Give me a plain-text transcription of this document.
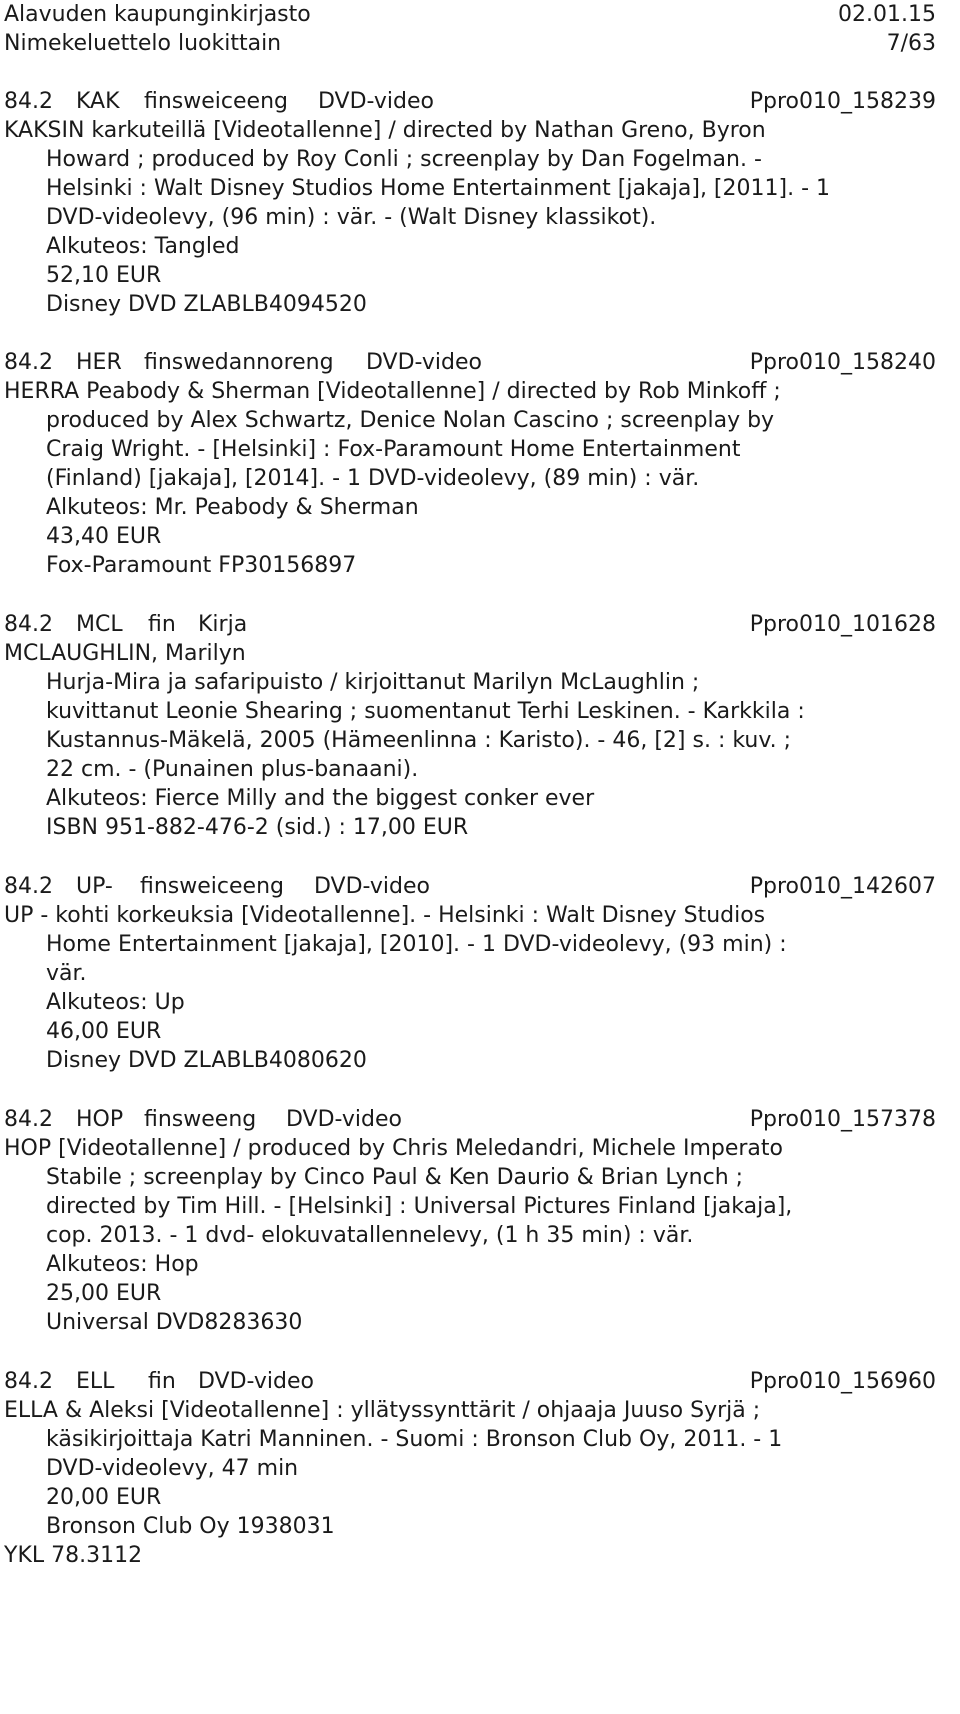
Alavuden kaupunginkirjasto	02.01.15
Nimekeluettelo luokittain	7/63
84.2 KAK finsweiceeng DVD-video	Ppro010_158239
KAKSIN karkuteillä [Videotallenne] / directed by Nathan Greno, Byron
Howard ; produced by Roy Conli ; screenplay by Dan Fogelman. -
Helsinki : Walt Disney Studios Home Entertainment [jakaja], [2011]. - 1
DVD-videolevy, (96 min) : vär. - (Walt Disney klassikot).
Alkuteos: Tangled
52,10 EUR
Disney DVD ZLABLB4094520
84.2 HER finswedannoreng DVD-video	Ppro010_158240
HERRA Peabody & Sherman [Videotallenne] / directed by Rob Minkoff ;
produced by Alex Schwartz, Denice Nolan Cascino ; screenplay by
Craig Wright. - [Helsinki] : Fox-Paramount Home Entertainment
(Finland) [jakaja], [2014]. - 1 DVD-videolevy, (89 min) : vär.
Alkuteos: Mr. Peabody & Sherman
43,40 EUR
Fox-Paramount FP30156897
84.2 MCL fin Kirja	Ppro010_101628
MCLAUGHLIN, Marilyn
Hurja-Mira ja safaripuisto / kirjoittanut Marilyn McLaughlin ;
kuvittanut Leonie Shearing ; suomentanut Terhi Leskinen. - Karkkila :
Kustannus-Mäkelä, 2005 (Hämeenlinna : Karisto). - 46, [2] s. : kuv. ;
22 cm. - (Punainen plus-banaani).
Alkuteos: Fierce Milly and the biggest conker ever
ISBN 951-882-476-2 (sid.) : 17,00 EUR
84.2 UP- finsweiceeng DVD-video	Ppro010_142607
UP - kohti korkeuksia [Videotallenne]. - Helsinki : Walt Disney Studios
Home Entertainment [jakaja], [2010]. - 1 DVD-videolevy, (93 min) :
vär.
Alkuteos: Up
46,00 EUR
Disney DVD ZLABLB4080620
84.2 HOP finsweeng DVD-video	Ppro010_157378
HOP [Videotallenne] / produced by Chris Meledandri, Michele Imperato
Stabile ; screenplay by Cinco Paul & Ken Daurio & Brian Lynch ;
directed by Tim Hill. - [Helsinki] : Universal Pictures Finland [jakaja],
cop. 2013. - 1 dvd- elokuvatallennelevy, (1 h 35 min) : vär.
Alkuteos: Hop
25,00 EUR
Universal DVD8283630
84.2 ELL fin DVD-video	Ppro010_156960
ELLA & Aleksi [Videotallenne] : yllätyssynttärit / ohjaaja Juuso Syrjä ;
käsikirjoittaja Katri Manninen. - Suomi : Bronson Club Oy, 2011. - 1
DVD-videolevy, 47 min
20,00 EUR
Bronson Club Oy 1938031
YKL 78.3112
